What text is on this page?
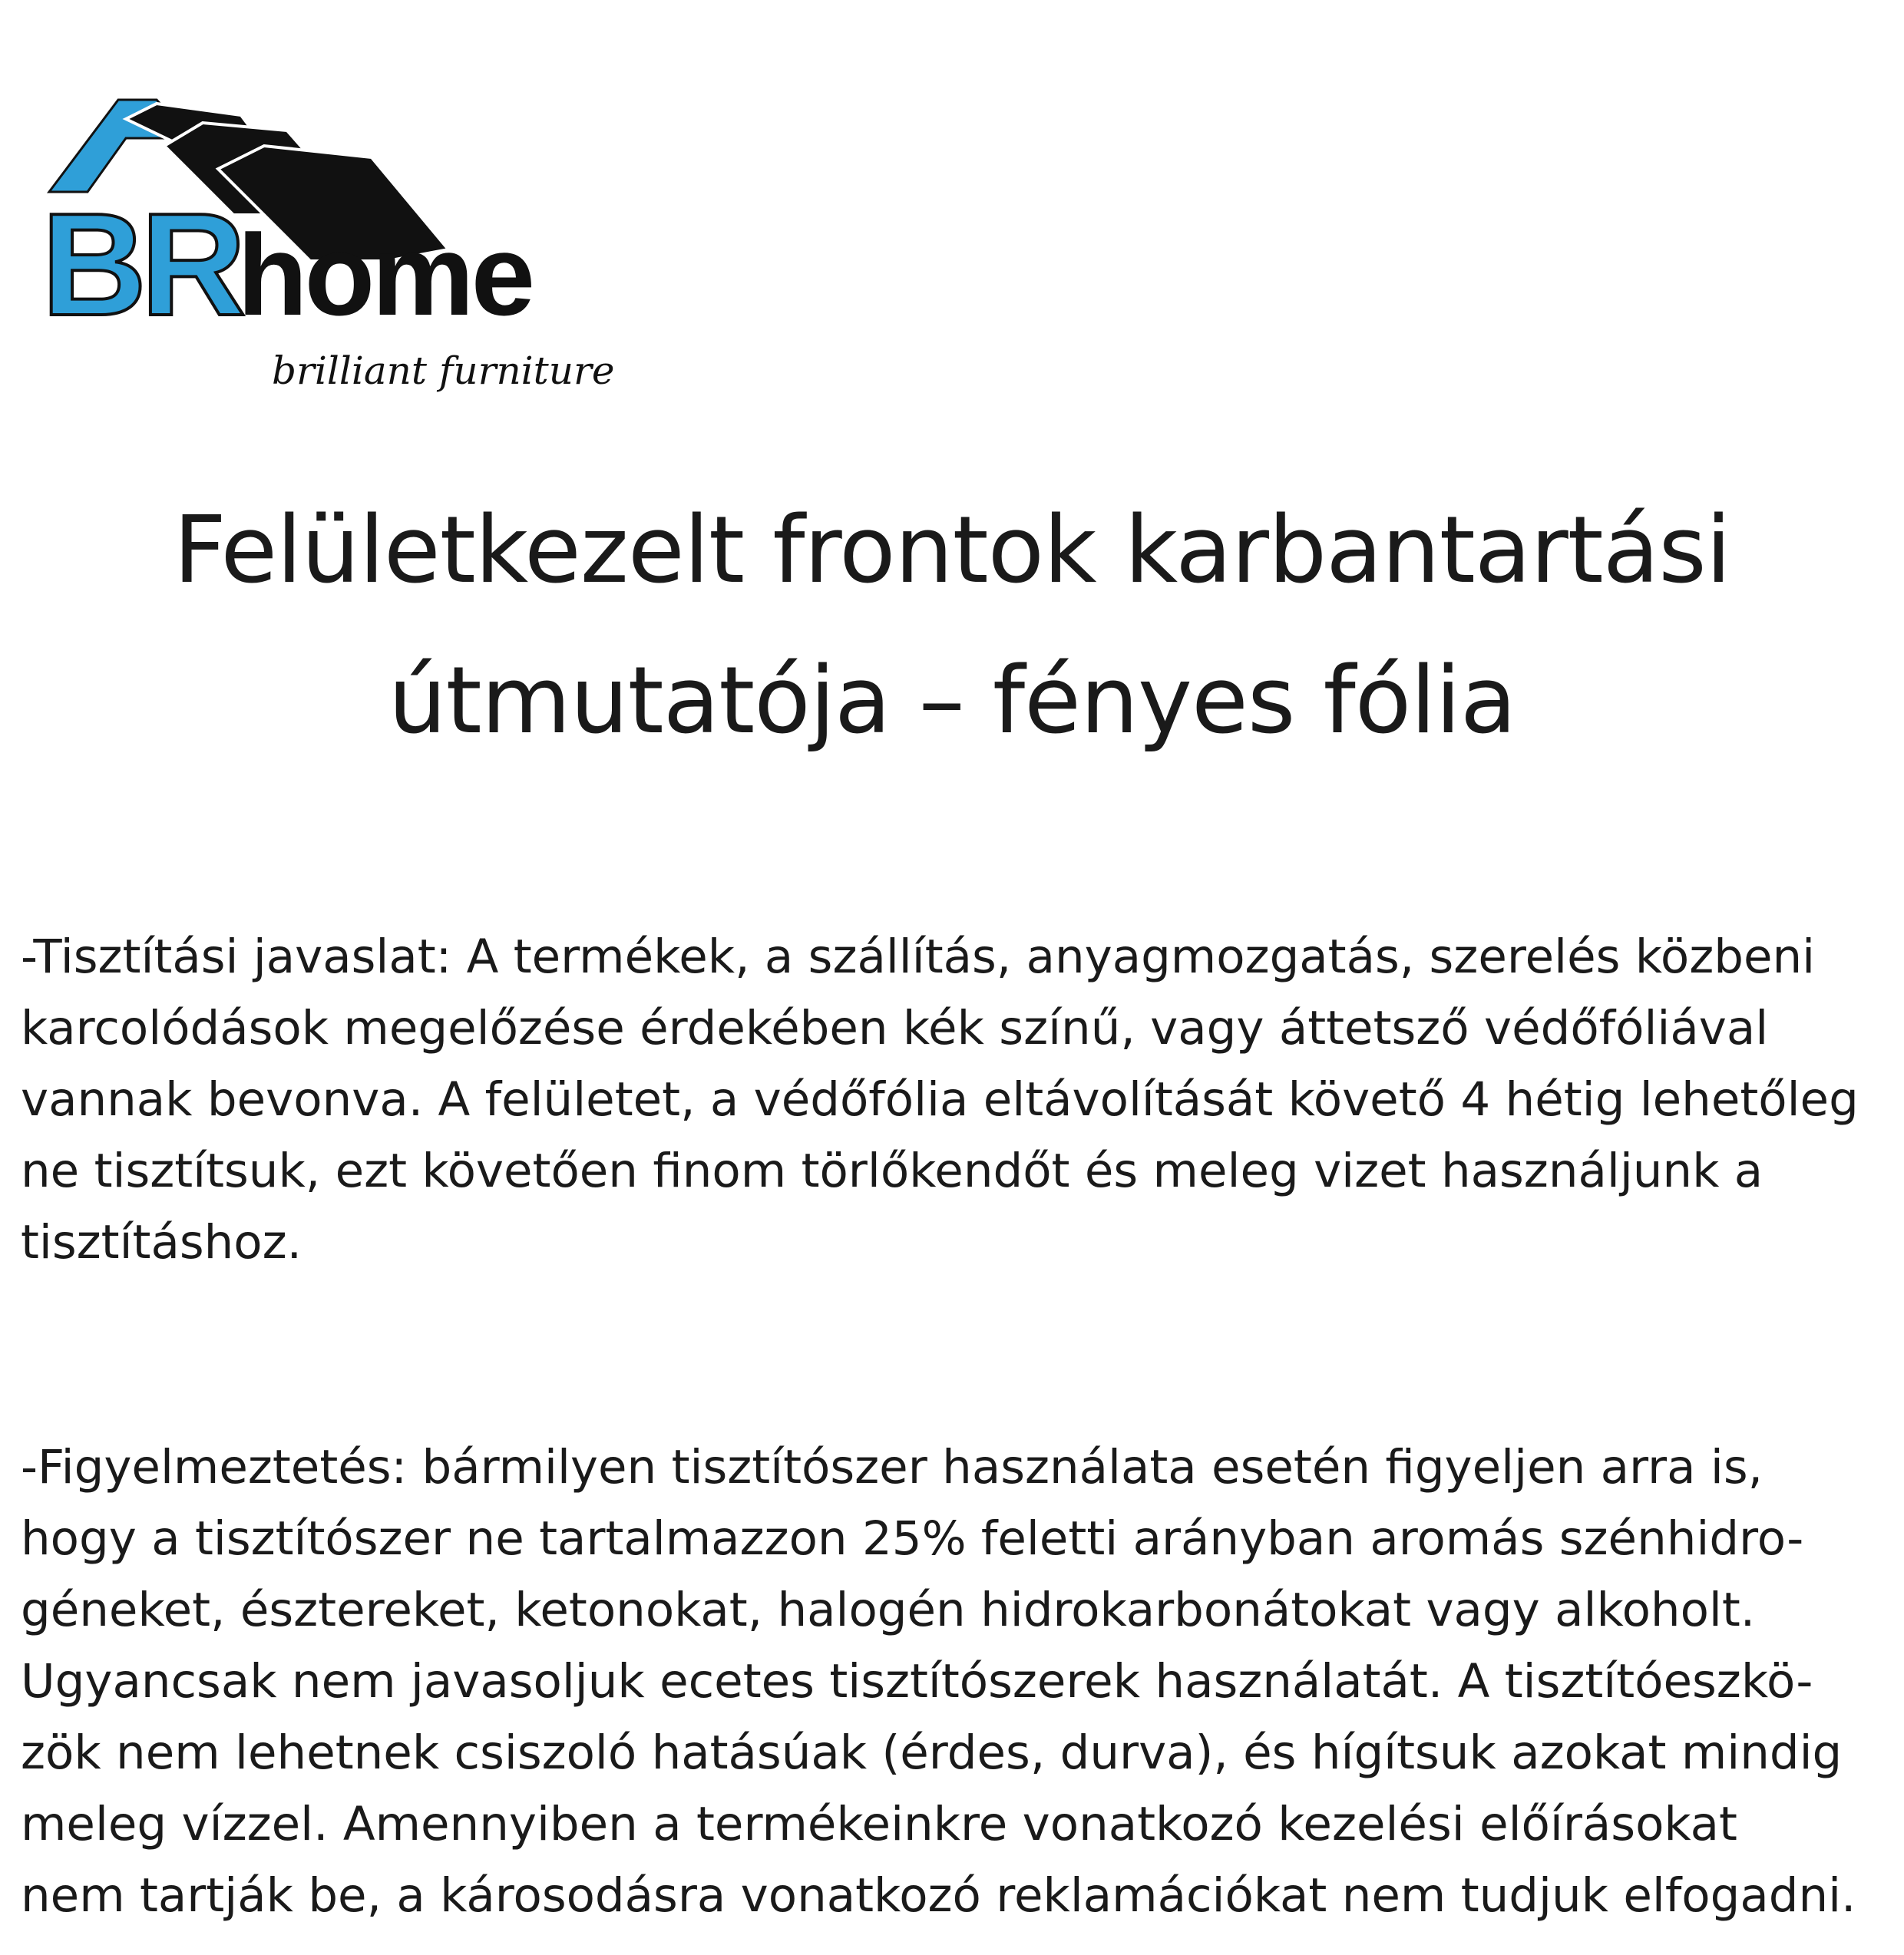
BR
home
brilliant furniture
Felületkezelt frontok karbantartási
útmutatója – fényes fólia

-Tisztítási javaslat: A termékek, a szállítás, anyagmozgatás, szerelés közbeni
karcolódások megelőzése érdekében kék színű, vagy áttetsző védőfóliával
vannak bevonva. A felületet, a védőfólia eltávolítását követő 4 hétig lehetőleg
ne tisztítsuk, ezt követően finom törlőkendőt és meleg vizet használjunk a
tisztításhoz.

-Figyelmeztetés: bármilyen tisztítószer használata esetén figyeljen arra is,
hogy a tisztítószer ne tartalmazzon 25% feletti arányban aromás szénhidro-
géneket, észtereket, ketonokat, halogén hidrokarbonátokat vagy alkoholt.
Ugyancsak nem javasoljuk ecetes tisztítószerek használatát. A tisztítóeszkö-
zök nem lehetnek csiszoló hatásúak (érdes, durva), és hígítsuk azokat mindig
meleg vízzel. Amennyiben a termékeinkre vonatkozó kezelési előírásokat
nem tartják be, a károsodásra vonatkozó reklamációkat nem tudjuk elfogadni.
